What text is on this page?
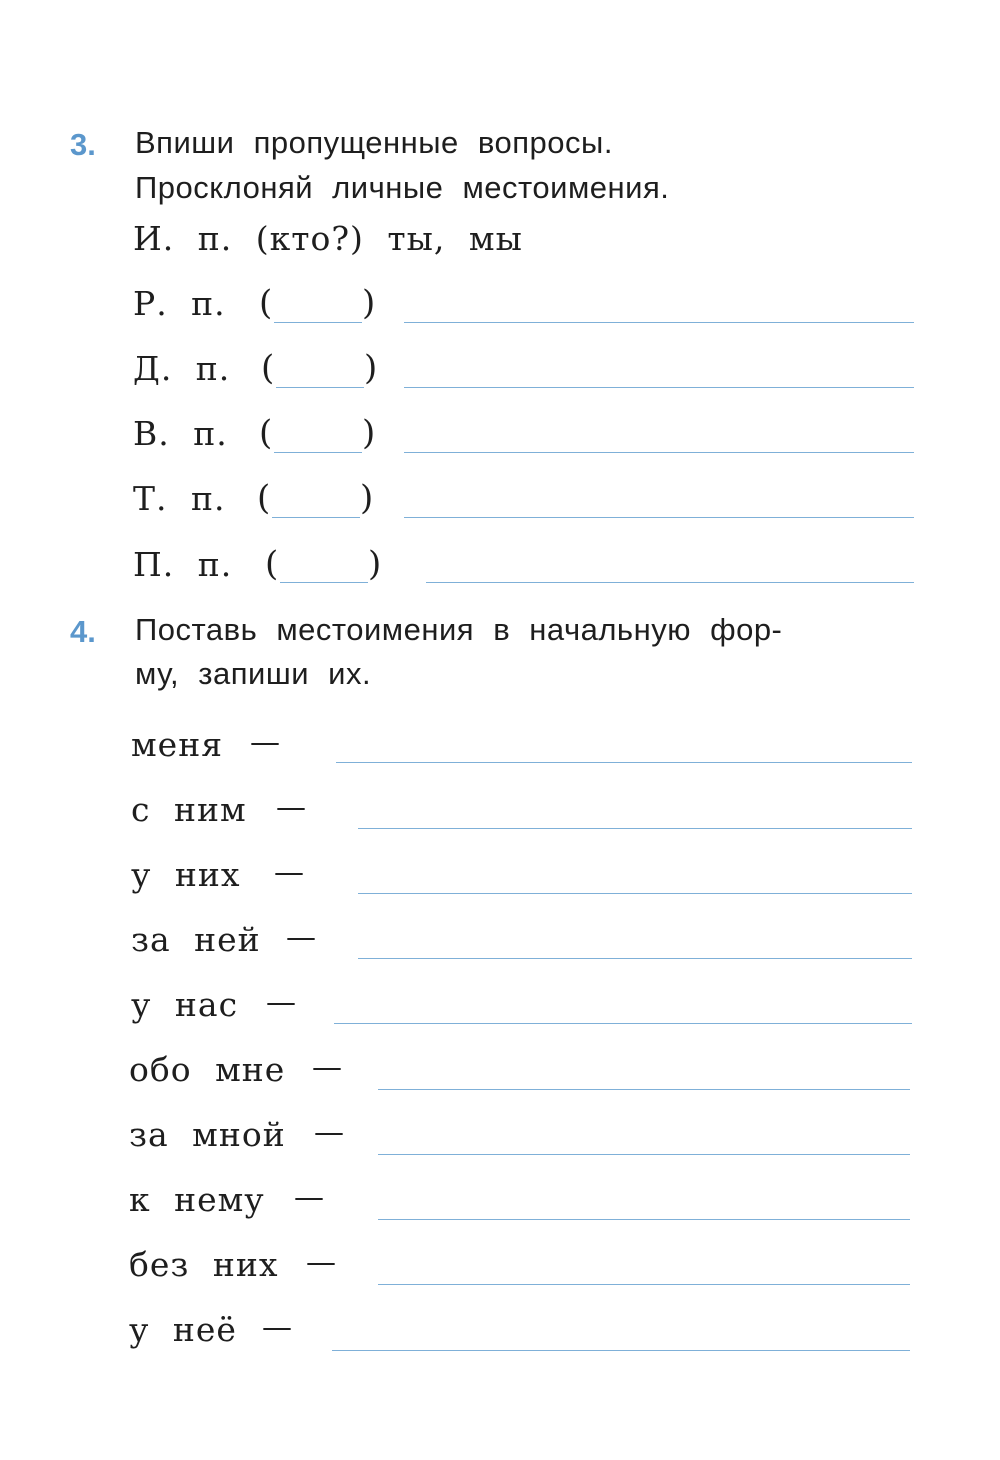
3. Впиши пропущенные вопросы.
Просклоняй личные местоимения.
И. п. (кто?) ты, мы
Р. п. (	)
Д. п. (	)
В. п. (	)
Т. п. (	)
П. п. (	)
4. Поставь местоимения в начальную фор-
му, запиши их.
меня —
с ним —
у них —
за ней —
у нас —
обо мне —
за мной —
к нему —
без них —
у неё —
